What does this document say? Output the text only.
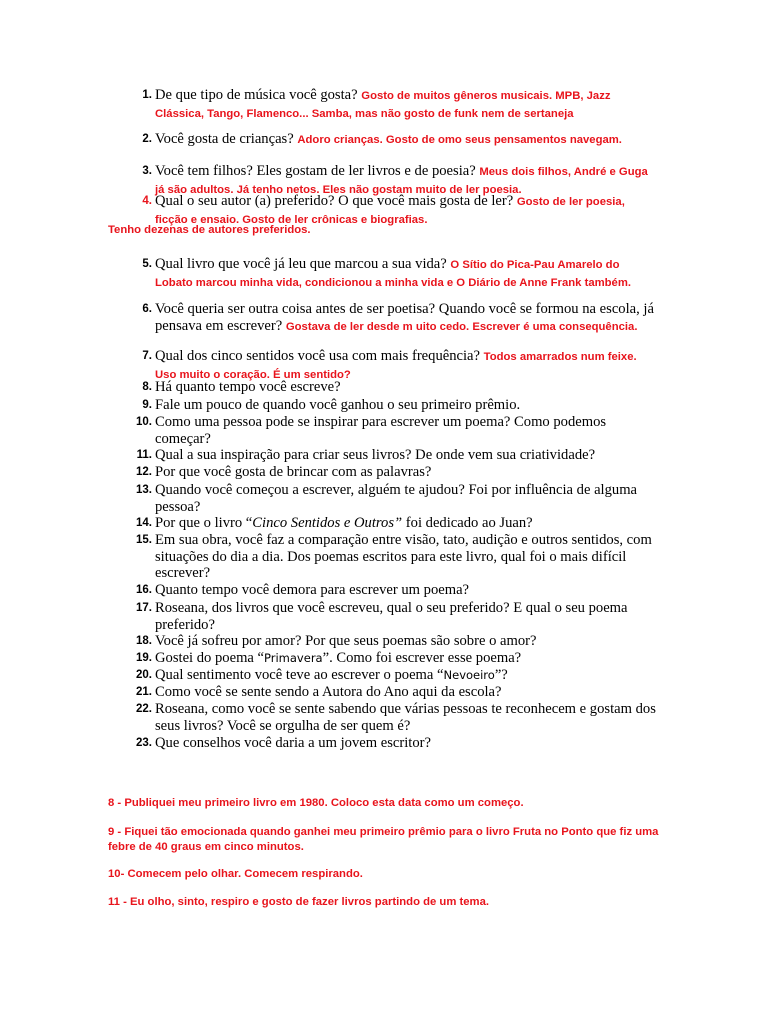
1. De que tipo de música você gosta? Gosto de muitos gêneros musicais. MPB, Jazz Clássica, Tango, Flamenco... Samba, mas não gosto de funk nem de sertaneja
2. Você gosta de crianças? Adoro crianças. Gosto de omo seus pensamentos navegam.
3. Você tem filhos? Eles gostam de ler livros e de poesia? Meus dois filhos, André e Guga já são adultos. Já tenho netos. Eles não gostam muito de ler poesia.
4. Qual o seu autor (a) preferido? O que você mais gosta de ler? Gosto de ler poesia, ficção e ensaio. Gosto de ler crônicas e biografias.
Tenho dezenas de autores preferidos.
5. Qual livro que você já leu que marcou a sua vida? O Sítio do Pica-Pau Amarelo do Lobato marcou minha vida, condicionou a minha vida e O Diário de Anne Frank também.
6. Você queria ser outra coisa antes de ser poetisa? Quando você se formou na escola, já pensava em escrever? Gostava de ler desde m uito cedo. Escrever é uma consequência.
7. Qual dos cinco sentidos você usa com mais frequência? Todos amarrados num feixe. Uso muito o coração. É um sentido?
8. Há quanto tempo você escreve?
9. Fale um pouco de quando você ganhou o seu primeiro prêmio.
10. Como uma pessoa pode se inspirar para escrever um poema? Como podemos começar?
11. Qual a sua inspiração para criar seus livros? De onde vem sua criatividade?
12. Por que você gosta de brincar com as palavras?
13. Quando você começou a escrever, alguém te ajudou? Foi por influência de alguma pessoa?
14. Por que o livro “Cinco Sentidos e Outros” foi dedicado ao Juan?
15. Em sua obra, você faz a comparação entre visão, tato, audição e outros sentidos, com situações do dia a dia. Dos poemas escritos para este livro, qual foi o mais difícil escrever?
16. Quanto tempo você demora para escrever um poema?
17. Roseana, dos livros que você escreveu, qual o seu preferido? E qual o seu poema preferido?
18. Você já sofreu por amor? Por que seus poemas são sobre o amor?
19. Gostei do poema “Primavera”. Como foi escrever esse poema?
20. Qual sentimento você teve ao escrever o poema “Nevoeiro”?
21. Como você se sente sendo a Autora do Ano aqui da escola?
22. Roseana, como você se sente sabendo que várias pessoas te reconhecem e gostam dos seus livros? Você se orgulha de ser quem é?
23. Que conselhos você daria a um jovem escritor?
8 - Publiquei meu primeiro livro em 1980. Coloco esta data como um começo.
9 - Fiquei tão emocionada quando ganhei meu primeiro prêmio para o livro Fruta no Ponto que fiz uma febre de 40 graus em cinco minutos.
10- Comecem pelo olhar. Comecem respirando.
11 - Eu olho, sinto, respiro e gosto de fazer livros partindo de um tema.
